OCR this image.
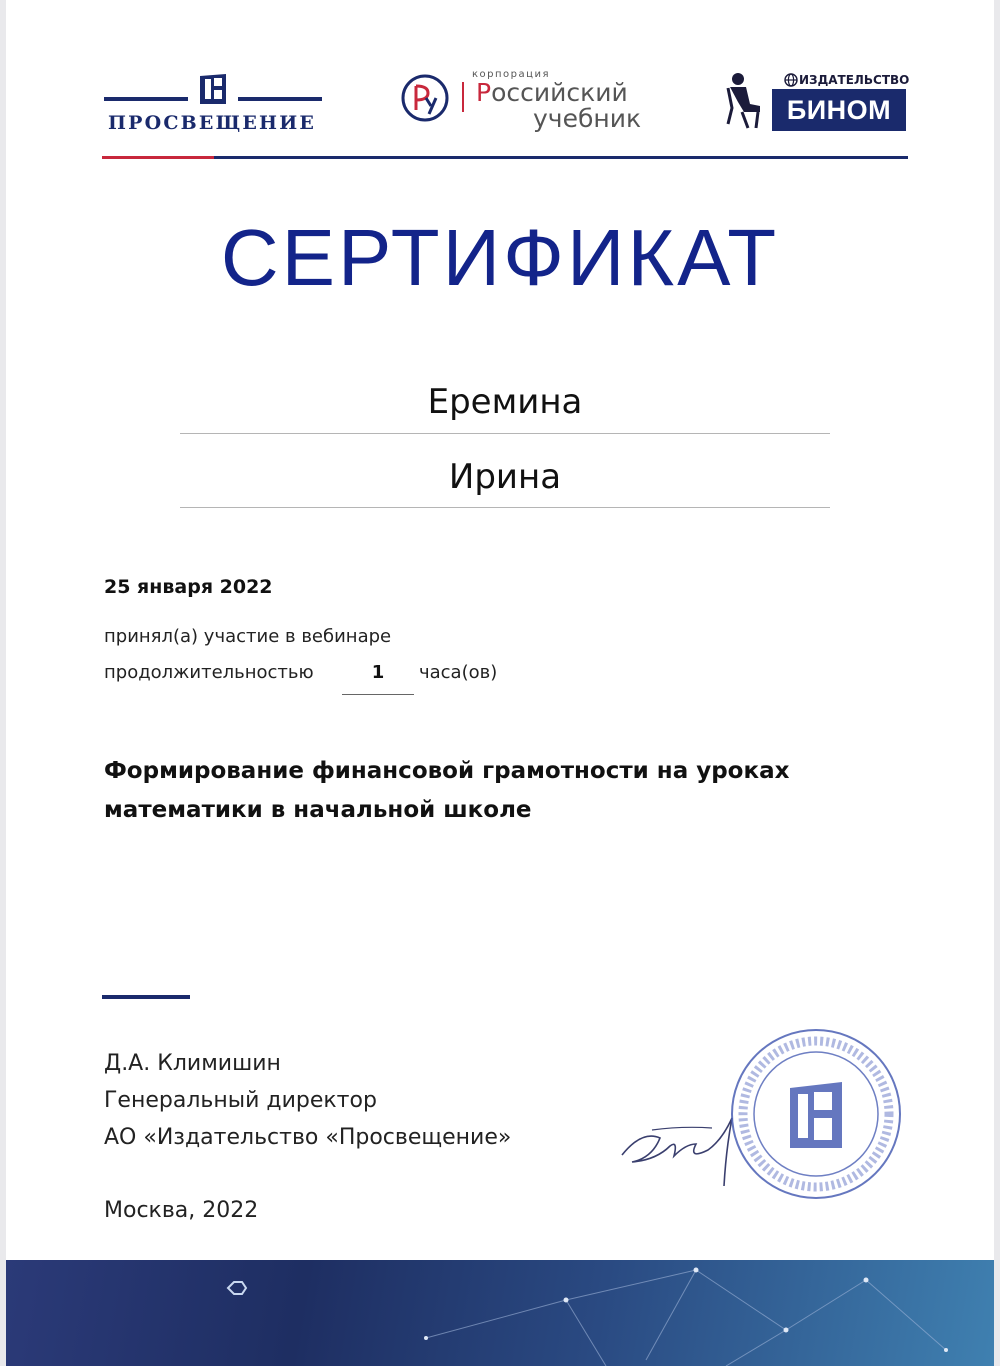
ПРОСВЕЩЕНИЕ
корпорация
Российский
учебник
ИЗДАТЕЛЬСТВО
БИНОМ
СЕРТИФИКАТ
Еремина
Ирина
25 января 2022
принял(а) участие в вебинаре
продолжительностью	1	часа(ов)
Формирование финансовой грамотности на уроках
математики в начальной школе
Д.А. Климишин
Генеральный директор
АО «Издательство «Просвещение»
Москва, 2022
